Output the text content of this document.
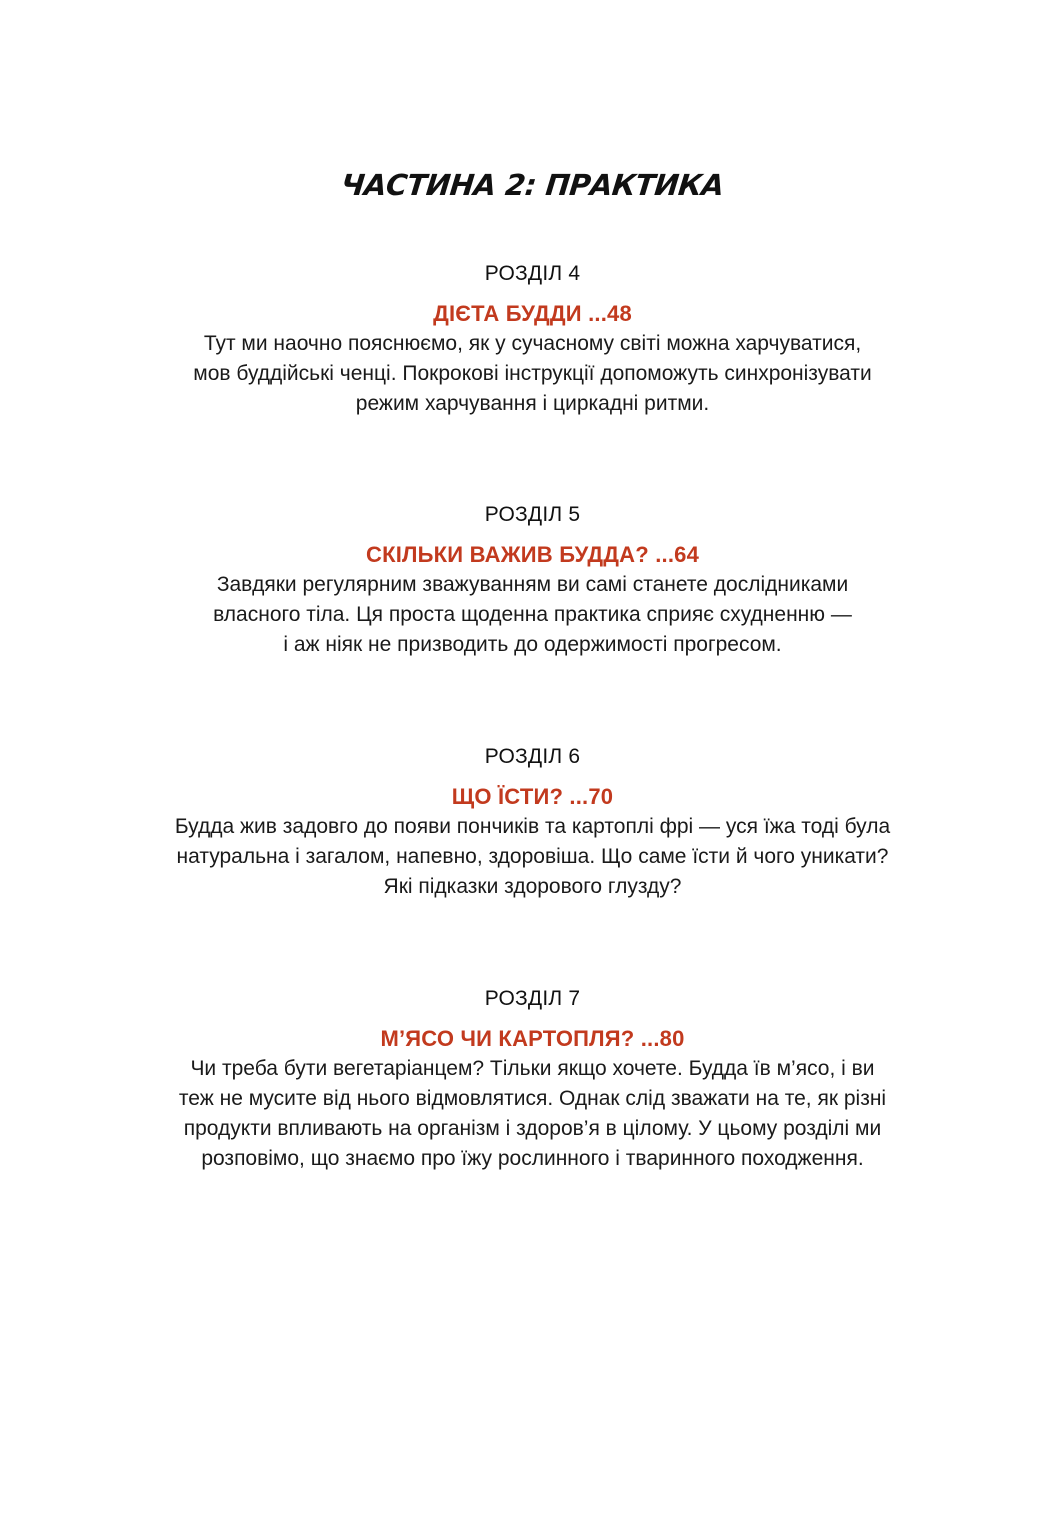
ЧАСТИНА 2: ПРАКТИКА

РОЗДІЛ 4

ДІЄТА БУДДИ ...48

Тут ми наочно пояснюємо, як у сучасному світі можна харчуватися,
мов буддійські ченці. Покрокові інструкції допоможуть синхронізувати
режим харчування і циркадні ритми.

РОЗДІЛ 5

СКІЛЬКИ ВАЖИВ БУДДА? ...64

Завдяки регулярним зважуванням ви самі станете дослідниками
власного тіла. Ця проста щоденна практика сприяє схудненню —
і аж ніяк не призводить до одержимості прогресом.

РОЗДІЛ 6

ЩО ЇСТИ? ...70

Будда жив задовго до появи пончиків та картоплі фрі — уся їжа тоді була
натуральна і загалом, напевно, здоровіша. Що саме їсти й чого уникати?
Які підказки здорового глузду?

РОЗДІЛ 7

М’ЯСО ЧИ КАРТОПЛЯ? ...80

Чи треба бути вегетаріанцем? Тільки якщо хочете. Будда їв м’ясо, і ви
теж не мусите від нього відмовлятися. Однак слід зважати на те, як різні
продукти впливають на організм і здоров’я в цілому. У цьому розділі ми
розповімо, що знаємо про їжу рослинного і тваринного походження.
